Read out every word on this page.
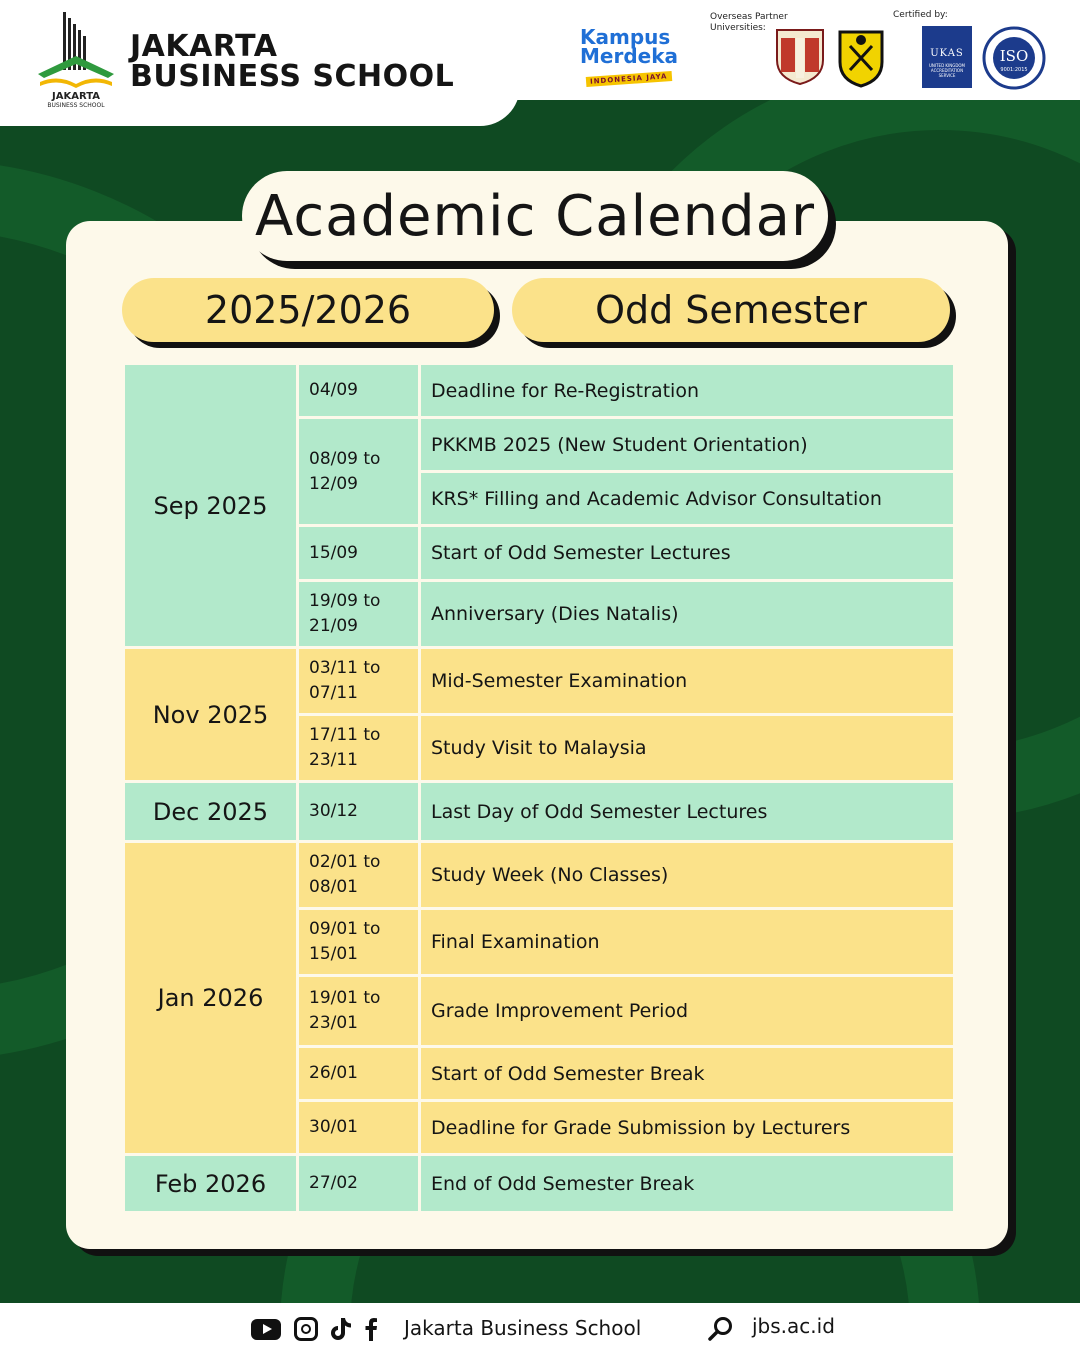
JAKARTA
BUSINESS SCHOOL
JAKARTA
BUSINESS SCHOOL
Kampus
Merdeka
INDONESIA JAYA
Overseas Partner Universities:
Certified by:
UKAS
UNITED KINGDOM ACCREDITATION SERVICE
ISO
9001:2015
Academic Calendar
2025/2026	Odd Semester
Sep 2025	04/09	Deadline for Re-Registration

	08/09 to
12/09	PKKMB 2025 (New Student Orientation)
		KRS* Filling and Academic Advisor Consultation

	15/09	Start of Odd Semester Lectures

	19/09 to
21/09	Anniversary (Dies Natalis)
Nov 2025	03/11 to
07/11	Mid-Semester Examination

	17/11 to
23/11	Study Visit to Malaysia
Dec 2025	30/12	Last Day of Odd Semester Lectures
Jan 2026	02/01 to
08/01	Study Week (No Classes)

	09/01 to
15/01	Final Examination

	19/01 to
23/01	Grade Improvement Period

	26/01	Start of Odd Semester Break

	30/01	Deadline for Grade Submission by Lecturers
Feb 2026	27/02	End of Odd Semester Break
Jakarta Business School	jbs.ac.id
